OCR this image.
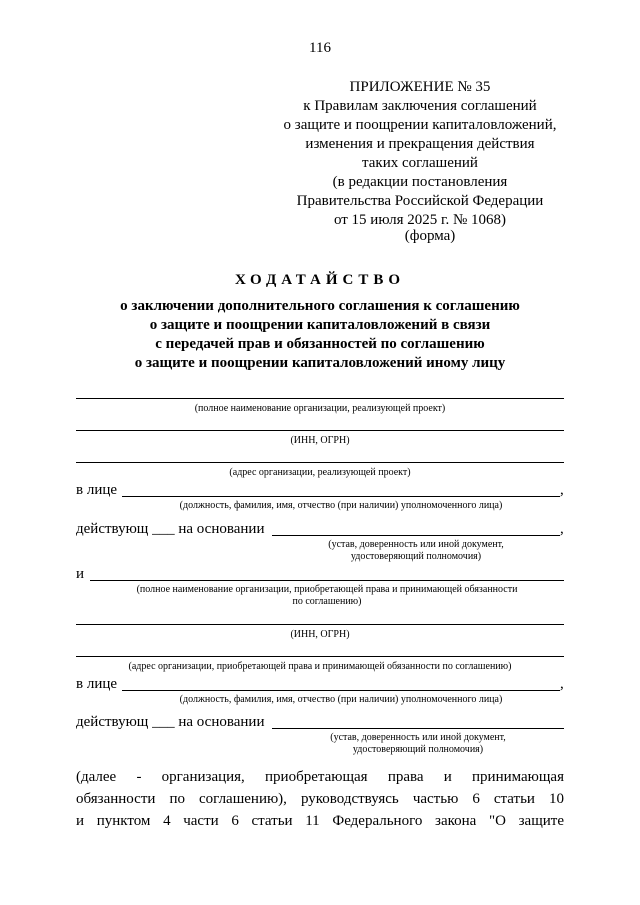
116
ПРИЛОЖЕНИЕ № 35
к Правилам заключения соглашений
о защите и поощрении капиталовложений,
изменения и прекращения действия
таких соглашений
(в редакции постановления
Правительства Российской Федерации
от 15 июля 2025 г. № 1068)
(форма)
ХОДАТАЙСТВО
о заключении дополнительного соглашения к соглашению
о защите и поощрении капиталовложений в связи
с передачей прав и обязанностей по соглашению
о защите и поощрении капиталовложений иному лицу
(полное наименование организации, реализующей проект)
(ИНН, ОГРН)
(адрес организации, реализующей проект)
в лице	,
(должность, фамилия, имя, отчество (при наличии) уполномоченного лица)
действующ ___ на основании	,
(устав, доверенность или иной документ,
удостоверяющий полномочия)
и
(полное наименование организации, приобретающей права и принимающей обязанности
по соглашению)
(ИНН, ОГРН)
(адрес организации, приобретающей права и принимающей обязанности по соглашению)
в лице	,
(должность, фамилия, имя, отчество (при наличии) уполномоченного лица)
действующ ___ на основании
(устав, доверенность или иной документ,
удостоверяющий полномочия)
(далее - организация, приобретающая права и принимающая
обязанности по соглашению), руководствуясь частью 6 статьи 10
и пунктом 4 части 6 статьи 11 Федерального закона "О защите
